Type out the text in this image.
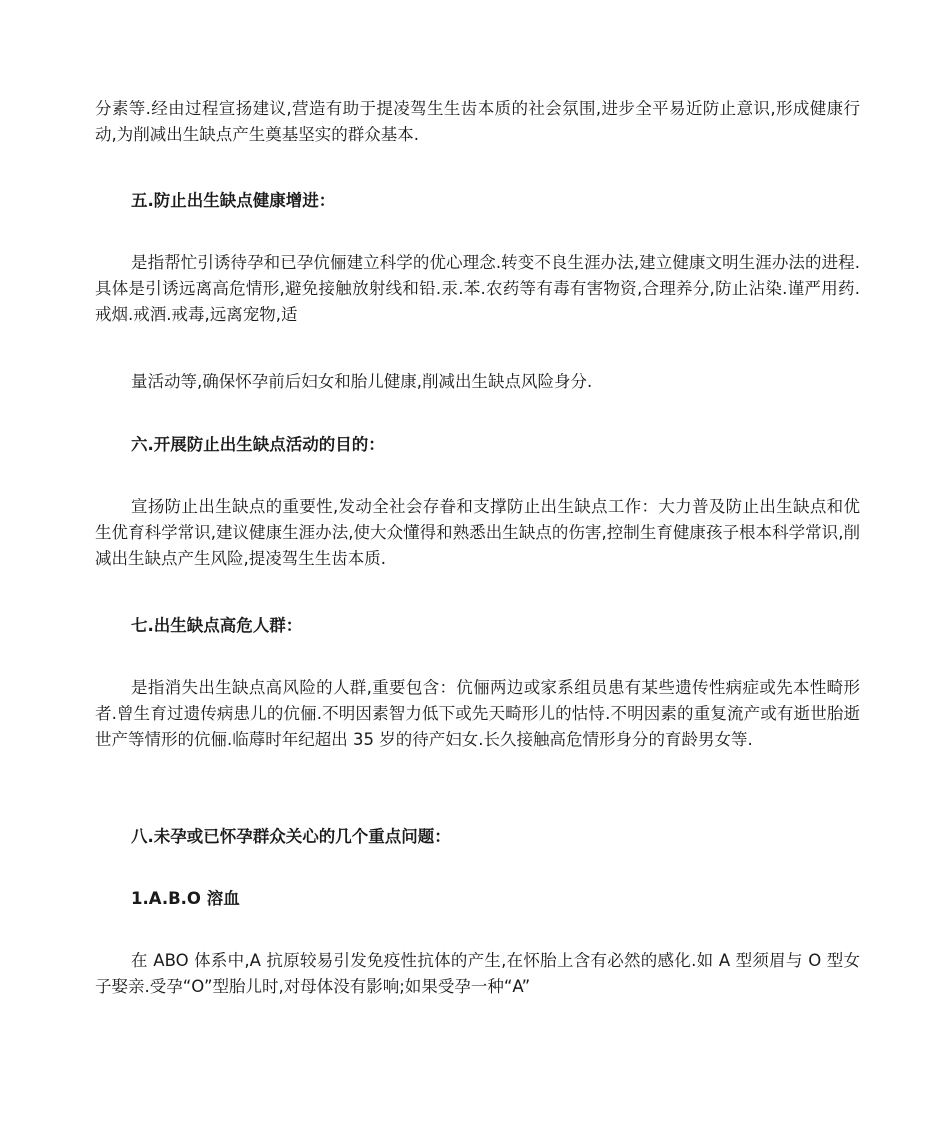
分素等.经由过程宣扬建议,营造有助于提凌驾生生齿本质的社会氛围,进步全平易近防止意识,形成健康行动,为削减出生缺点产生奠基坚实的群众基本.

五.防止出生缺点健康增进：

是指帮忙引诱待孕和已孕伉俪建立科学的优心理念.转变不良生涯办法,建立健康文明生涯办法的进程.具体是引诱远离高危情形,避免接触放射线和铅.汞.苯.农药等有毒有害物资,合理养分,防止沾染.谨严用药.戒烟.戒酒.戒毒,远离宠物,适

量活动等,确保怀孕前后妇女和胎儿健康,削减出生缺点风险身分.

六.开展防止出生缺点活动的目的：

宣扬防止出生缺点的重要性,发动全社会存眷和支撑防止出生缺点工作：大力普及防止出生缺点和优生优育科学常识,建议健康生涯办法,使大众懂得和熟悉出生缺点的伤害,控制生育健康孩子根本科学常识,削减出生缺点产生风险,提凌驾生生齿本质.

七.出生缺点高危人群：

是指消失出生缺点高风险的人群,重要包含：伉俪两边或家系组员患有某些遗传性病症或先本性畸形者.曾生育过遗传病患儿的伉俪.不明因素智力低下或先天畸形儿的怙恃.不明因素的重复流产或有逝世胎逝世产等情形的伉俪.临蓐时年纪超出 35 岁的待产妇女.长久接触高危情形身分的育龄男女等.

八.未孕或已怀孕群众关心的几个重点问题：

1.A.B.O 溶血

在 ABO 体系中,A 抗原较易引发免疫性抗体的产生,在怀胎上含有必然的感化.如 A 型须眉与 O 型女子娶亲.受孕“O”型胎儿时,对母体没有影响;如果受孕一种“A”
